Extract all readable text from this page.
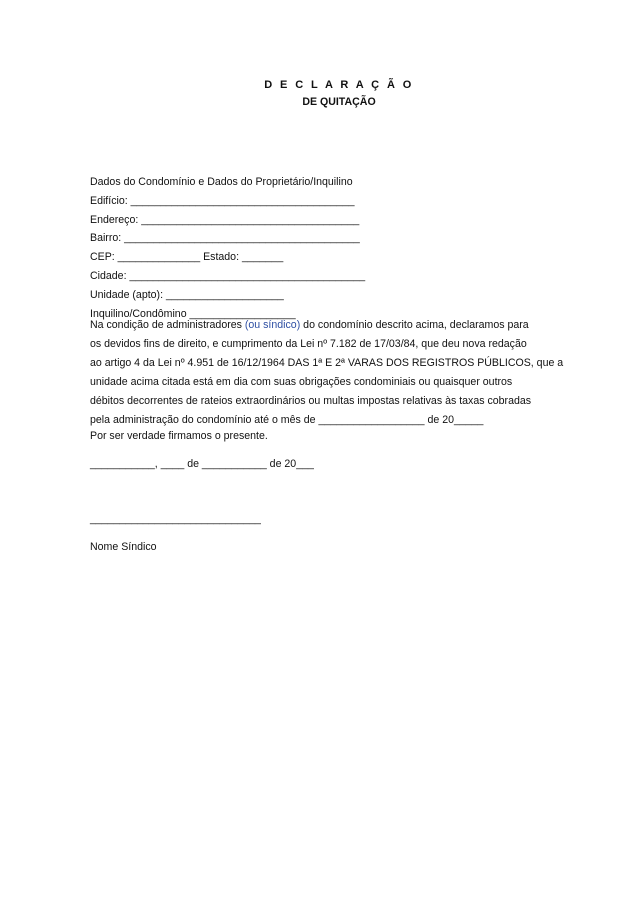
D E C L A R A Ç Ã O
DE QUITAÇÃO
Dados do Condomínio e Dados do Proprietário/Inquilino
Edifício: ______________________________________
Endereço: _____________________________________
Bairro: ________________________________________
CEP: ______________ Estado: _______
Cidade: ________________________________________
Unidade (apto): ____________________
Inquilino/Condômino __________________
Na condição de administradores (ou síndico) do condomínio descrito acima, declaramos para
os devidos fins de direito, e cumprimento da Lei nº 7.182 de 17/03/84, que deu nova redação
ao artigo 4 da Lei nº 4.951 de 16/12/1964 DAS 1ª E 2ª VARAS DOS REGISTROS PÚBLICOS, que a
unidade acima citada está em dia com suas obrigações condominiais ou quaisquer outros
débitos decorrentes de rateios extraordinários ou multas impostas relativas às taxas cobradas
pela administração do condomínio até o mês de __________________ de 20_____
Por ser verdade firmamos o presente.
___________, ____ de ___________ de 20___
_____________________________
Nome Síndico
